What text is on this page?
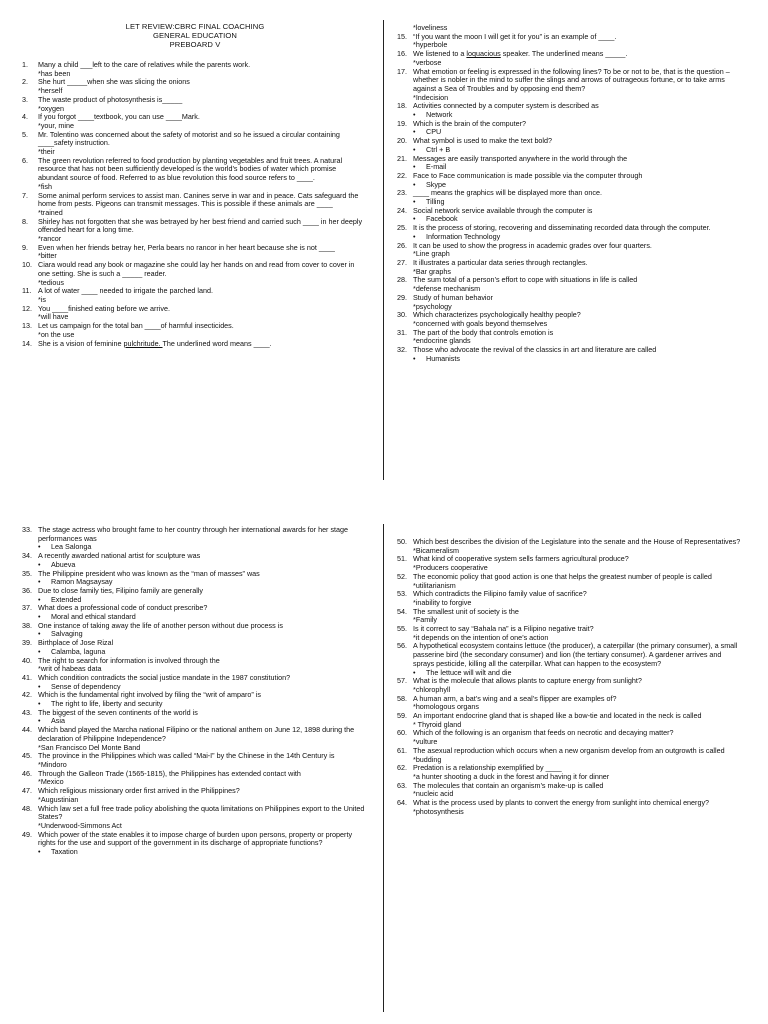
LET REVIEW:CBRC FINAL COACHING
GENERAL EDUCATION
PREBOARD V
1. Many a child ___left to the care of relatives while the parents work.
* has been
2. She hurt _____when she was slicing the onions
* herself
3. The waste product of photosynthesis is_____
* oxygen
4. If you forgot ____textbook, you can use ____Mark.
* your, mine
5. Mr. Tolentino was concerned about the safety of motorist and so he issued a circular containing ____safety instruction.
* their
6. The green revolution referred to food production by planting vegetables and fruit trees. A natural resource that has not been sufficiently developed is the world’s bodies of water which promise abundant source of food. Referred to as blue revolution this food source refers to ____.
* fish
7. Some animal perform services to assist man. Canines serve in war and in peace. Cats safeguard the home from pests. Pigeons can transmit messages. This is possible if these animals are ____
* trained
8. Shirley has not forgotten that she was betrayed by her best friend and carried such ____ in her deeply offended heart for a long time.
* rancor
9. Even when her friends betray her, Perla bears no rancor in her heart because she is not ____
* bitter
10. Ciara would read any book or magazine she could lay her hands on and read from cover to cover in one setting. She is such a _____ reader.
* tedious
11. A lot of water ____ needed to irrigate the parched land.
* is
12. You ____finished eating before we arrive.
* will have
13. Let us campaign for the total ban ____of harmful insecticides.
* on the use
14. She is a vision of feminine pulchritude. The underlined word means ____.
* loveliness
15. “If you want the moon I will get it for you” is an example of ____.
* hyperbole
16. We listened to a loquacious speaker. The underlined means _____.
* verbose
17. What emotion or feeling is expressed in the following lines? To be or not to be, that is the question – whether is nobler in the mind to suffer the slings and arrows of outrageous fortune, or to take arms against a Sea of Troubles and by opposing end them?
* Indecision
18. Activities connected by a computer system is described as
• Network
19. Which is the brain of the computer?
• CPU
20. What symbol is used to make the text bold?
• Ctrl + B
21. Messages are easily transported anywhere in the world through the
• E-mail
22. Face to Face communication is made possible via the computer through
• Skype
23. ____ means the graphics will be displayed more than once.
• Tilling
24. Social network service available through the computer is
• Facebook
25. It is the process of storing, recovering and disseminating recorded data through the computer.
• Information Technology
26. It can be used to show the progress in academic grades over four quarters.
* Line graph
27. It illustrates a particular data series through rectangles.
* Bar graphs
28. The sum total of a person’s effort to cope with situations in life is called
* defense mechanism
29. Study of human behavior
* psychology
30. Which characterizes psychologically healthy people?
* concerned with goals beyond themselves
31. The part of the body that controls emotion is
* endocrine glands
32. Those who advocate the revival of the classics in art and literature are called
• Humanists
33. The stage actress who brought fame to her country through her international awards for her stage performances was
• Lea Salonga
34. A recently awarded national artist for sculpture was
• Abueva
35. The Philippine president who was known as the “man of masses” was
• Ramon Magsaysay
36. Due to close family ties, Filipino family are generally
• Extended
37. What does a professional code of conduct prescribe?
• Moral and ethical standard
38. One instance of taking away the life of another person without due process is
• Salvaging
39. Birthplace of Jose Rizal
• Calamba, laguna
40. The right to search for information is involved through the
* writ of habeas data
41. Which condition contradicts the social justice mandate in the 1987 constitution?
• Sense of dependency
42. Which is the fundamental right involved by filing the “writ of amparo” is
• The right to life, liberty and security
43. The biggest of the seven continents of the world is
• Asia
44. Which band played the Marcha national Filipino or the national anthem on June 12, 1898 during the declaration of Philippine Independence?
* San Francisco Del Monte Band
45. The province in the Philippines which was called “Mai-I” by the Chinese in the 14th Century is
* Mindoro
46. Through the Galleon Trade (1565-1815), the Philippines has extended contact with
* Mexico
47. Which religious missionary order first arrived in the Philippines?
* Augustinian
48. Which law set a full free trade policy abolishing the quota limitations on Philippines export to the United States?
* Underwood-Simmons Act
49. Which power of the state enables it to impose charge of burden upon persons, property or property rights for the use and support of the government in its discharge of appropriate functions?
• Taxation
50. Which best describes the division of the Legislature into the senate and the House of Representatives?
* Bicameralism
51. What kind of cooperative system sells farmers agricultural produce?
* Producers cooperative
52. The economic policy that good action is one that helps the greatest number of people is called
* utilitarianism
53. Which contradicts the Filipino family value of sacrifice?
* inability to forgive
54. The smallest unit of society is the
* Family
55. Is it correct to say “Bahala na” is a Filipino negative trait?
* it depends on the intention of one’s action
56. A hypothetical ecosystem contains lettuce (the producer), a caterpillar (the primary consumer), a small passerine bird (the secondary consumer) and lion (the tertiary consumer). A gardener arrives and sprays pesticide, killing all the caterpillar. What can happen to the ecosystem?
• The lettuce will wilt and die
57. What is the molecule that allows plants to capture energy from sunlight?
* chlorophyll
58. A human arm, a bat’s wing and a seal’s flipper are examples of?
* homologous organs
59. An important endocrine gland that is shaped like a bow-tie and located in the neck is called
* Thyroid gland
60. Which of the following is an organism that feeds on necrotic and decaying matter?
* vulture
61. The asexual reproduction which occurs when a new organism develop from an outgrowth is called
* budding
62. Predation is a relationship exemplified by ____
* a hunter shooting a duck in the forest and having it for dinner
63. The molecules that contain an organism’s make-up is called
* nucleic acid
64. What is the process used by plants to convert the energy from sunlight into chemical energy?
* photosynthesis
